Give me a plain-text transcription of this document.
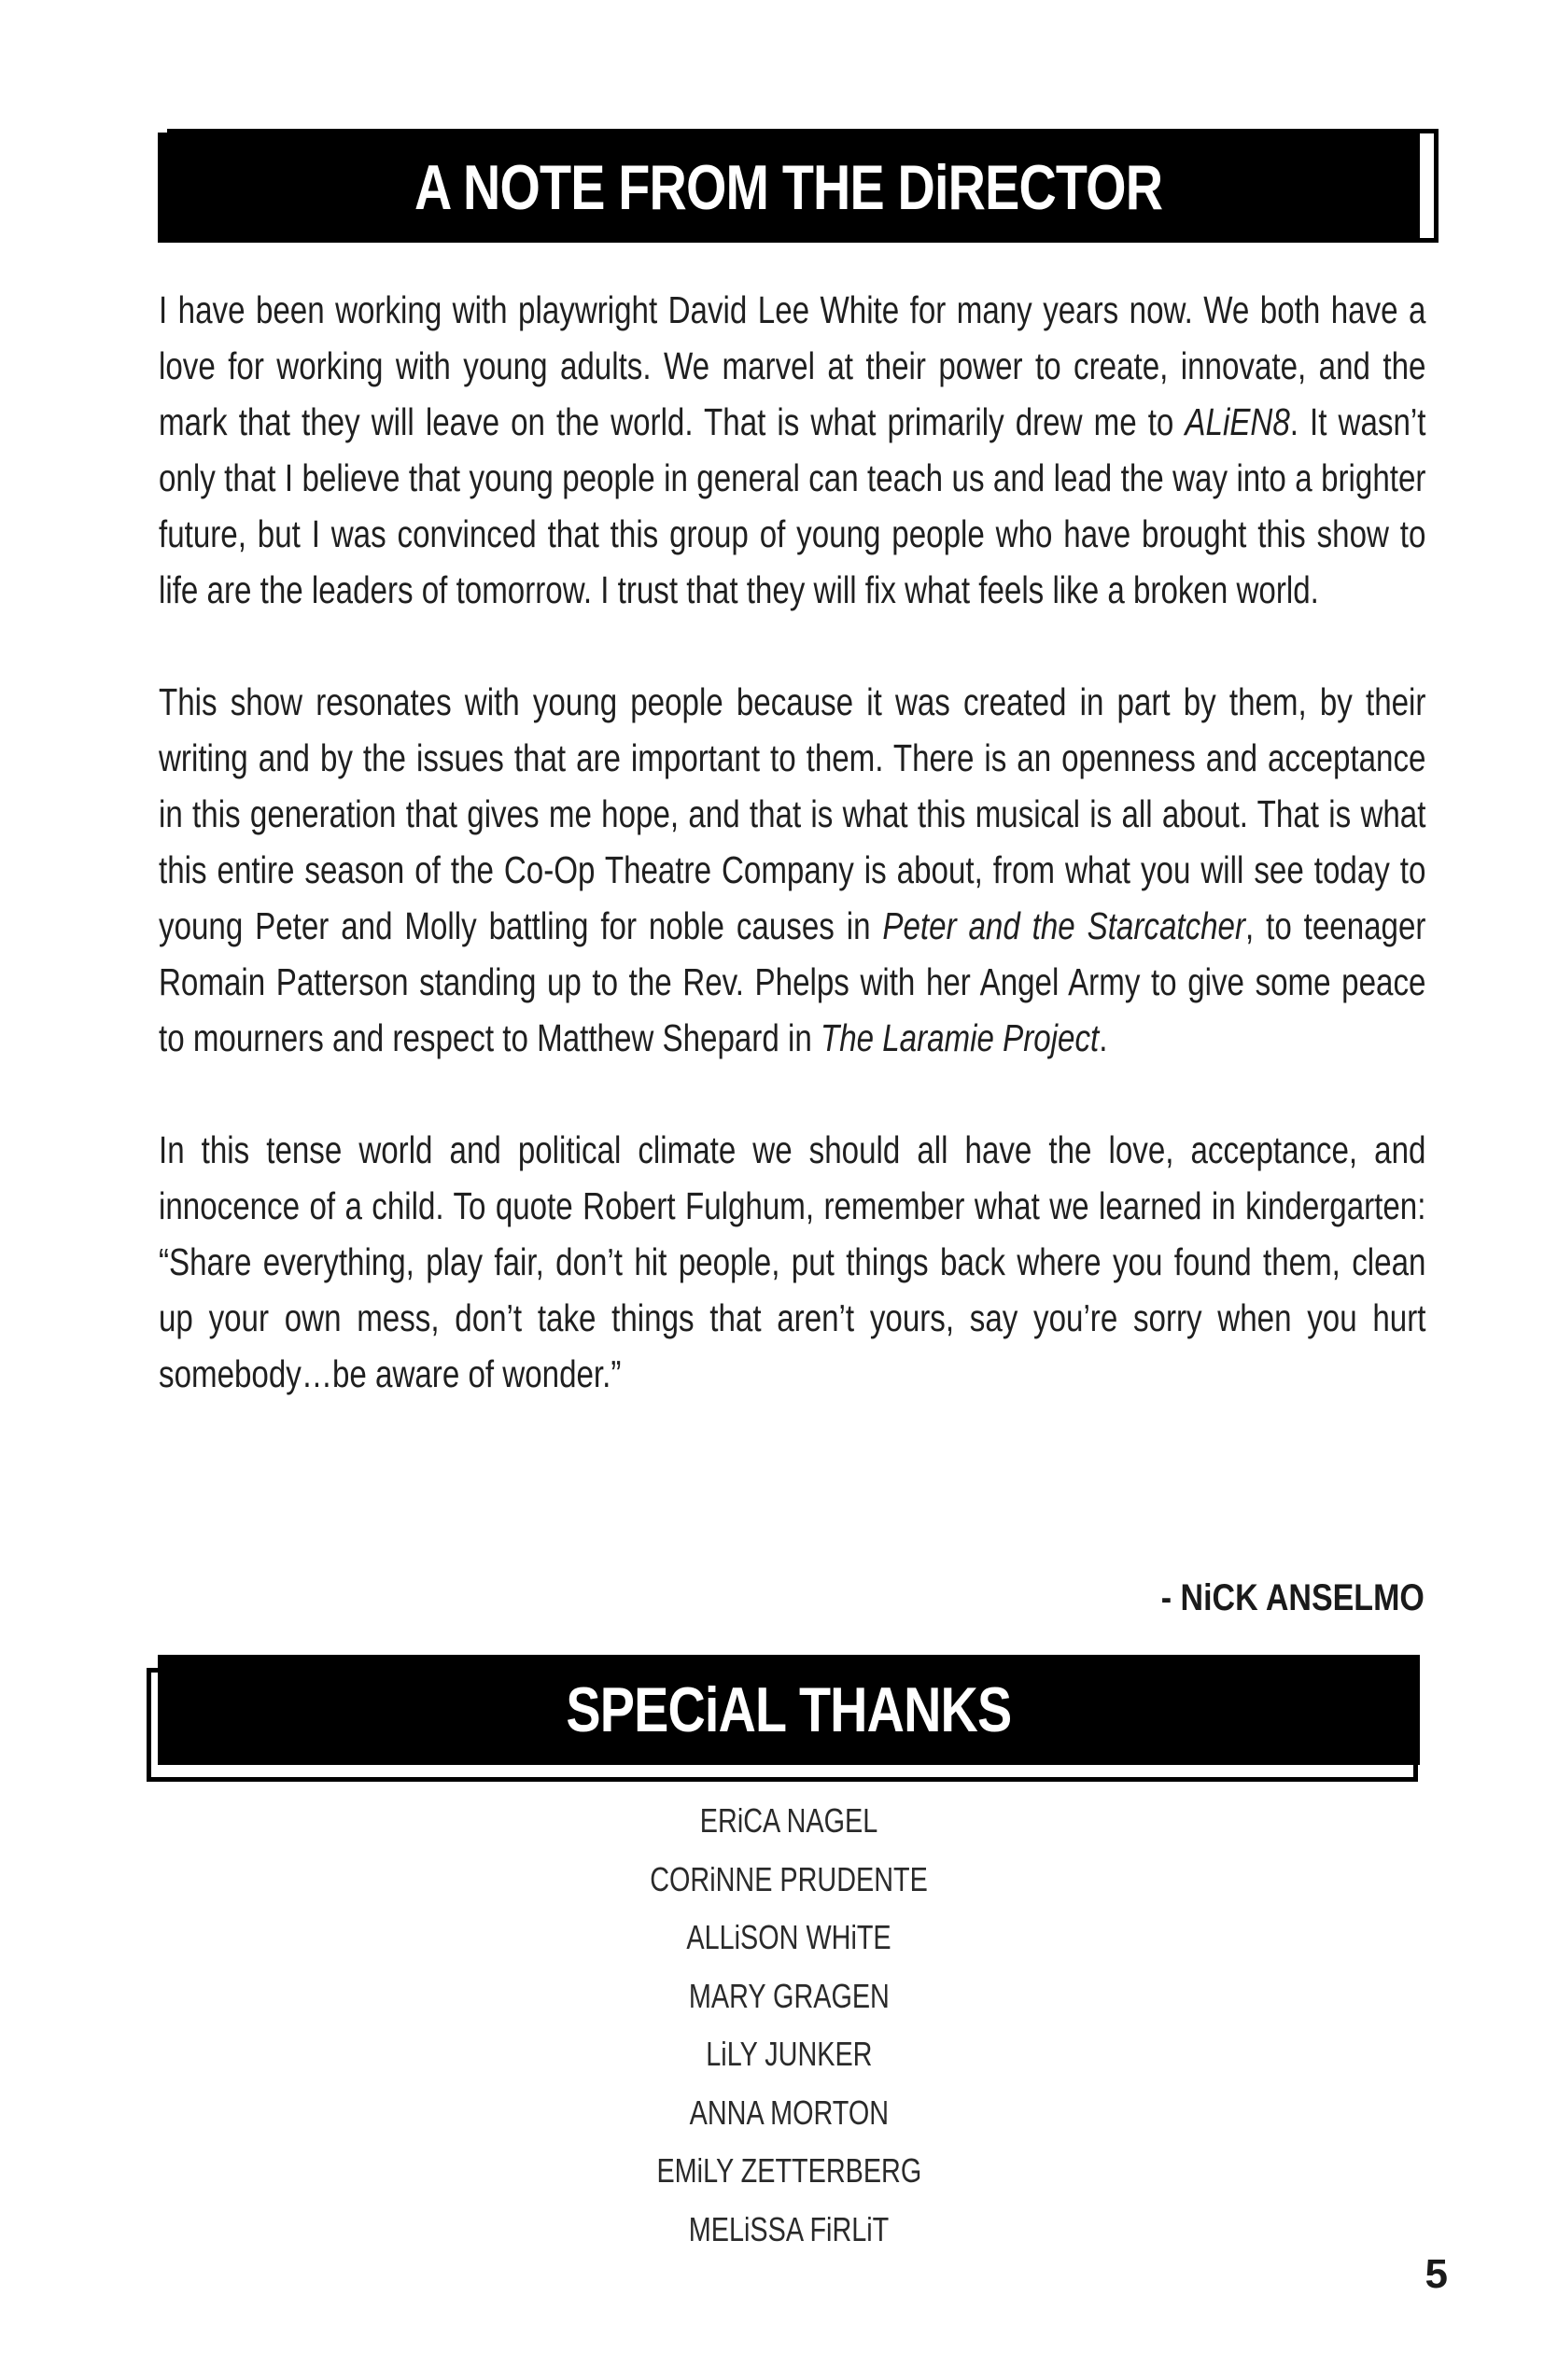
A NOTE FROM THE DiRECTOR
I have been working with playwright David Lee White for many years now. We both have a love for working with young adults. We marvel at their power to create, innovate, and the mark that they will leave on the world. That is what primarily drew me to ALiEN8. It wasn’t only that I believe that young people in general can teach us and lead the way into a brighter future, but I was convinced that this group of young people who have brought this show to life are the leaders of tomorrow. I trust that they will fix what feels like a broken world.
This show resonates with young people because it was created in part by them, by their writing and by the issues that are important to them. There is an openness and acceptance in this generation that gives me hope, and that is what this musical is all about. That is what this entire season of the Co-Op Theatre Company is about, from what you will see today to young Peter and Molly battling for noble causes in Peter and the Starcatcher, to teenager Romain Patterson standing up to the Rev. Phelps with her Angel Army to give some peace to mourners and respect to Matthew Shepard in The Laramie Project.
In this tense world and political climate we should all have the love, acceptance, and innocence of a child. To quote Robert Fulghum, remember what we learned in kindergarten: “Share everything, play fair, don’t hit people, put things back where you found them, clean up your own mess, don’t take things that aren’t yours, say you’re sorry when you hurt somebody…be aware of wonder.”
- NiCK ANSELMO
SPECiAL THANKS
ERiCA NAGEL
CORiNNE PRUDENTE
ALLiSON WHiTE
MARY GRAGEN
LiLY JUNKER
ANNA MORTON
EMiLY ZETTERBERG
MELiSSA FiRLiT
5
